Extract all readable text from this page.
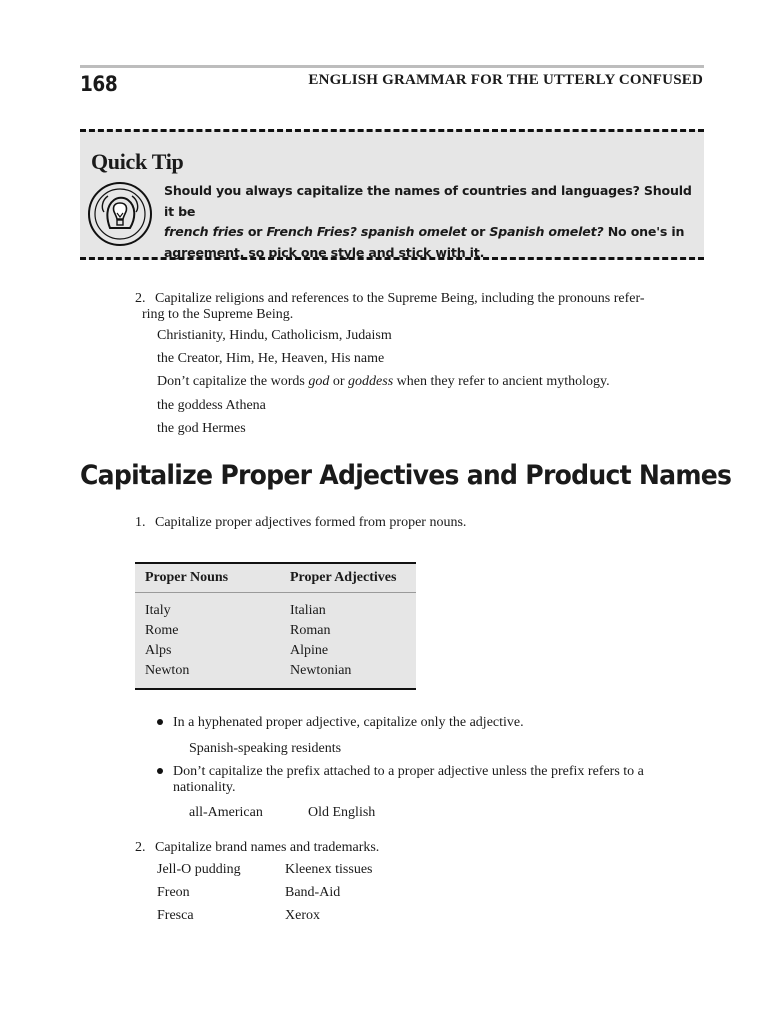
168	ENGLISH GRAMMAR FOR THE UTTERLY CONFUSED
Quick Tip
Should you always capitalize the names of countries and languages? Should it be
french fries or French Fries? spanish omelet or Spanish omelet? No one's in
agreement, so pick one style and stick with it.
2. Capitalize religions and references to the Supreme Being, including the pronouns refer-
ring to the Supreme Being.
Christianity, Hindu, Catholicism, Judaism
the Creator, Him, He, Heaven, His name
Don’t capitalize the words god or goddess when they refer to ancient mythology.
the goddess Athena
the god Hermes
Capitalize Proper Adjectives and Product Names
1. Capitalize proper adjectives formed from proper nouns.
Proper Nouns	Proper Adjectives
Italy	Italian
Rome	Roman
Alps	Alpine
Newton	Newtonian
In a hyphenated proper adjective, capitalize only the adjective.
Spanish-speaking residents
Don’t capitalize the prefix attached to a proper adjective unless the prefix refers to a
nationality.
all-American	Old English
2. Capitalize brand names and trademarks.
Jell-O pudding	Kleenex tissues
Freon	Band-Aid
Fresca	Xerox
